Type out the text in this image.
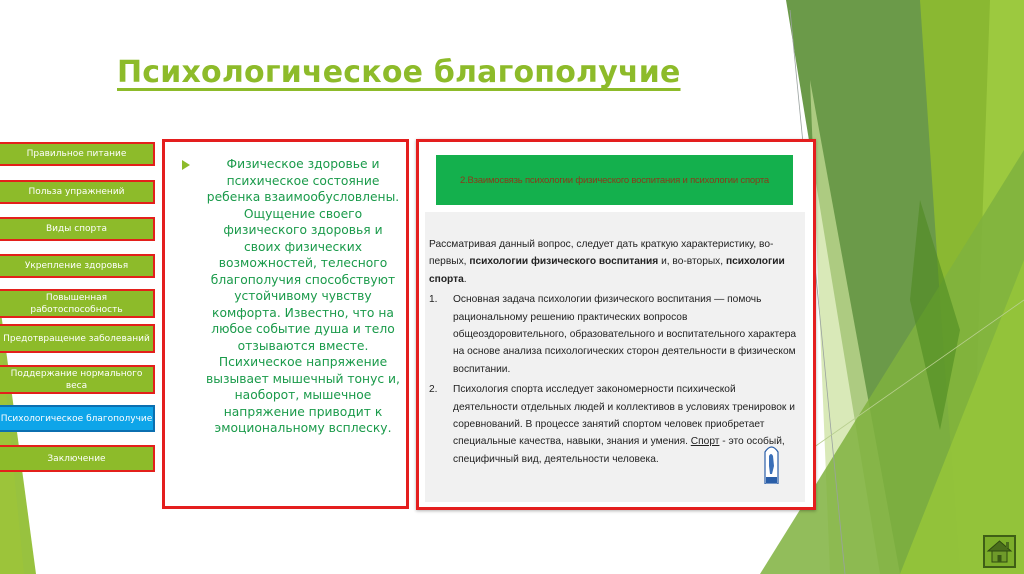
Психологическое благополучие
Правильное питание
Польза упражнений
Виды спорта
Укрепление здоровья
Повышенная работоспособность
Предотвращение заболеваний
Поддержание нормального веса
Психологическое благополучие
Заключение
Физическое здоровье и психическое состояние ребенка взаимообусловлены. Ощущение своего физического здоровья и своих физических возможностей, телесного благополучия способствуют устойчивому чувству комфорта. Известно, что на любое событие душа и тело отзываются вместе. Психическое напряжение вызывает мышечный тонус и, наоборот, мышечное напряжение приводит к эмоциональному всплеску.
2.Взаимосвязь психологии физического воспитания и психологии спорта

Рассматривая данный вопрос, следует дать краткую характеристику, во-первых, психологии физического воспитания и, во-вторых, психологии спорта.

1.	Основная задача психологии физического воспитания — помочь рациональному решению практических вопросов общеоздоровительного, образовательного и воспитательного характера на основе анализа психологических сторон деятельности в физическом воспитании.
2.	Психология спорта исследует закономерности психической деятельности отдельных людей и коллективов в условиях тренировок и соревнований. В процессе занятий спортом человек приобретает специальные качества, навыки, знания и умения. Спорт - это особый, специфичный вид, деятельности человека.
